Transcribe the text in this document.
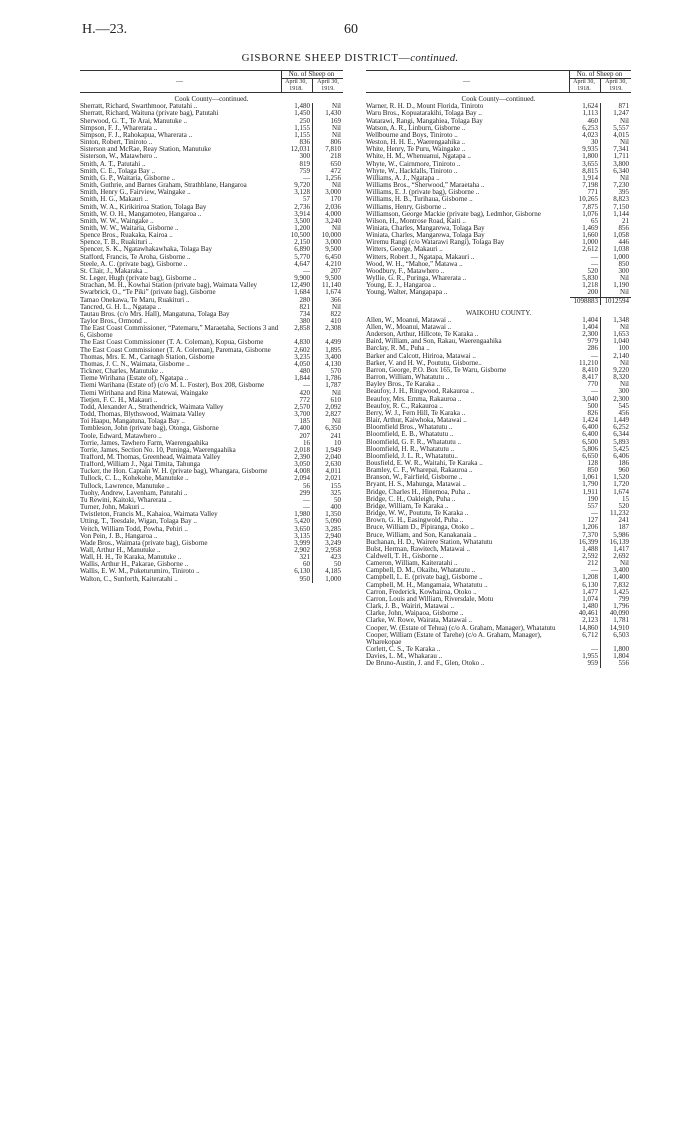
H.—23.	60
GISBORNE SHEEP DISTRICT—continued.
—	No. of Sheep on	
	April 30, 1918.	April 30, 1919.
Cook County—continued.		
Sherratt, Richard, Swarthmoor, Patutahi ..	1,480	Nil
Sherratt, Richard, Waituna (private bag), Patutahi	1,450	1,430
Sherwood, G. T., Te Arai, Manutuke ..	250	169
Simpson, F. J., Wharerata ..	1,155	Nil
Simpson, F. J., Rahokapua, Wharerata ..	1,155	Nil
Sinton, Robert, Tiniroto ..	836	806
Sisterson and McRae, Reay Station, Manutuke	12,031	7,810
Sisterson, W., Matawhero ..	300	218
Smith, A. T., Patutahi ..	819	650
Smith, C. E., Tolaga Bay ..	759	472
Smith, G. P., Waitaria, Gisborne ..	—	1,256
Smith, Guthrie, and Barnes Graham, Strathblane, Hangaroa	9,720	Nil
Smith, Henry G., Fairview, Waingake ..	3,128	3,000
Smith, H. G., Makauri ..	57	170
Smith, W. A., Kirikiriroa Station, Tolaga Bay	2,736	2,036
Smith, W. O. H., Mangamoteo, Hangaroa ..	3,914	4,000
Smith, W. W., Waingake ..	3,500	3,240
Smith, W. W., Waitaria, Gisborne ..	1,200	Nil
Spence Bros., Ruakaka, Kairoa ..	10,500	10,000
Spence, T. B., Ruakituri ..	2,150	3,000
Spencer, S. K., Ngatawhakawhaka, Tolaga Bay	6,890	9,500
Stafford, Francis, Te Aroha, Gisborne ..	5,770	6,450
Steele, A. C. (private bag), Gisborne ..	4,647	4,210
St. Clair, J., Makaraka ..	—	207
St. Leger, Hugh (private bag), Gisborne ..	9,900	9,500
Strachan, M. H., Kowhai Station (private bag), Waimata Valley	12,490	11,140
Swarbrick, O., “Te Piki” (private bag), Gisborne	1,684	1,674
Tamao Onekawa, Te Maru, Ruakituri ..	280	366
Tancred, G. H. L., Ngatapa ..	821	Nil
Tautau Bros. (c/o Mrs. Hall), Mangatuna, Tolaga Bay	734	822
Taylor Bros., Ormond ..	380	410
The East Coast Commissioner, “Patemaru,” Maraetaha, Sections 3 and 6, Gisborne	2,858	2,308
The East Coast Commissioner (T. A. Coleman), Kopua, Gisborne	4,830	4,499
The East Coast Commissioner (T. A. Coleman), Paremata, Gisborne	2,602	1,895
Thomas, Mrs. E. M., Carnagh Station, Gisborne	3,235	3,400
Thomas, J. C. N., Waimata, Gisborne ..	4,050	4,130
Tickner, Charles, Manutuke ..	480	570
Tieme Wirihana (Estate of), Ngatapa ..	1,844	1,786
Tiemi Warihana (Estate of) (c/o M. L. Foster), Box 208, Gisborne	—	1,787
Tiemi Wirihana and Rina Matewai, Waingake	420	Nil
Tietjen, F. C. H., Makauri ..	772	610
Todd, Alexander A., Strathendrick, Waimata Valley	2,570	2,092
Todd, Thomas, Blythswood, Waimata Valley	3,700	2,827
Toi Haapu, Mangatuna, Tolaga Bay ..	185	Nil
Tombleson, John (private bag), Otonga, Gisborne	7,400	6,350
Toole, Edward, Matawhero ..	207	241
Torrie, James, Tawhero Farm, Waerengaahika	16	10
Torrie, James, Section No. 10, Puninga, Waerengaahika	2,018	1,949
Trafford, M. Thomas, Greenhead, Waimata Valley	2,390	2,040
Trafford, William J., Ngai Timita, Tahunga	3,050	2,630
Tucker, the Hon. Captain W. H. (private bag), Whangara, Gisborne	4,008	4,011
Tullock, C. L., Kohekohe, Manutuke ..	2,094	2,021
Tullock, Lawrence, Manutuke ..	56	155
Tuohy, Andrew, Lavenham, Patutahi ..	299	325
Tu Rewini, Kaitoki, Wharerata ..	—	50
Turner, John, Makuri ..	—	400
Twistleton, Francis M., Kahaioa, Waimata Valley	1,980	1,350
Utting, T., Teesdale, Wigan, Tolaga Bay ..	5,420	5,090
Veitch, William Todd, Powha, Pehiri ..	3,650	3,285
Von Pein, J. B., Hangaroa ..	3,135	2,940
Wade Bros., Waimata (private bag), Gisborne	3,999	3,249
Wall, Arthur H., Manutuke ..	2,902	2,958
Wall, H. H., Te Karaka, Manutuke ..	321	423
Wallis, Arthur H., Pakarae, Gisborne ..	60	50
Wallis, E. W. M., Puketurumiro, Tiniroto ..	6,130	4,185
Walton, C., Sunforth, Kaiteratahi ..	950	1,000
—	No. of Sheep on	
	April 30, 1918.	April 30, 1919.
Cook County—continued.		
Warner, R. H. D., Mount Florida, Tiniroto	1,624	871
Waru Bros., Kopuatarakihi, Tolaga Bay ..	1,113	1,247
Watarawi, Rangi, Mangahiea, Tolaga Bay	460	Nil
Watson, A. R., Linburn, Gisborne ..	6,253	5,557
Wellbourne and Boys, Tiniroto ..	4,023	4,015
Weston, H. H. E., Waerengaahika ..	30	Nil
White, Henry, Te Puru, Waingake ..	9,935	7,341
White, H. M., Whenuanui, Ngatapa ..	1,800	1,711
Whyte, W., Cairnmore, Tiniroto ..	3,655	3,800
Whyte, W., Hackfalls, Tiniroto ..	8,815	6,340
Williams, A. J., Ngatapa ..	1,914	Nil
Williams Bros., “Sherwood,” Maraetaha ..	7,198	7,230
Williams, E. J. (private bag), Gisborne ..	771	395
Williams, H. B., Turihaua, Gisborne ..	10,265	8,823
Williams, Henry, Gisborne ..	7,875	7,150
Williamson, George Mackie (private bag), Ledmhor, Gisborne	1,076	1,144
Wilson, H., Montrose Road, Kaiti ..	65	21
Winiata, Charles, Mangarewa, Tolaga Bay	1,469	856
Winiata, Charles, Mangarewa, Tolaga Bay	1,660	1,058
Wiremu Rangi (c/o Watarawi Rangi), Tolaga Bay	1,000	446
Witters, George, Makauri ..	2,612	1,038
Witters, Robert J., Ngatapa, Makauri ..	—	1,000
Wood, W. H., “Mahoe,” Matawa ..	—	850
Woodbury, F., Matawhero ..	520	300
Wyllie, G. R., Puringa, Wharerata ..	5,830	Nil
Young, E. J., Hangaroa ..	1,218	1,190
Young, Walter, Mangapapa ..	200	Nil
	1098883	1012594
WAIKOHU COUNTY.		
Allen, W., Moanui, Matawai ..	1,404	1,348
Allen, W., Moanui, Matawai ..	1,404	Nil
Anderson, Arthur, Hillcote, Te Karaka ..	2,300	1,653
Baird, William, and Son, Rakau, Waerengaahika	979	1,040
Barclay, R. M., Puha ..	286	100
Barker and Calcott, Hiriroa, Matawai ..	—	2,140
Barker, V. and H. W., Poututu, Gisborne..	11,210	Nil
Barron, George, P.O. Box 165, Te Waru, Gisborne	8,410	9,220
Barron, William, Whatatutu ..	8,417	8,320
Bayley Bros., Te Karaka ..	770	Nil
Beaufoy, J. H., Ringwood, Rakauroa ..	—	300
Beaufoy, Mrs. Emma, Rakauroa ..	3,040	2,300
Beaufoy, R. C., Rakauroa ..	500	545
Berry, W. J., Fern Hill, Te Karaka ..	826	456
Blair, Arthur, Kaiwhoka, Matawai ..	1,424	1,449
Bloomfield Bros., Whatatutu ..	6,400	6,252
Bloomfield, E. B., Whatatutu ..	6,400	6,344
Bloomfield, G. F. R., Whatatutu ..	6,500	5,893
Bloomfield, H. R., Whatatutu ..	5,806	5,425
Bloomfield, J. L. R., Whatatutu..	6,650	6,406
Bousfield, E. W. R., Waitahi, Te Karaka ..	128	186
Bramley, C. F., Wharepai, Rakauroa ..	850	960
Branson, W., Fairfield, Gisborne ..	1,061	1,520
Bryant, H. S., Mahunga, Matawai ..	1,790	1,720
Bridge, Charles H., Hinemoa, Puha ..	1,911	1,674
Bridge, C. H., Oakleigh, Puha ..	190	15
Bridge, William, Te Karaka ..	557	520
Bridge, W. W., Poututu, Te Karaka ..	—	11,232
Brown, G. H., Easingwold, Puha ..	127	241
Bruce, William D., Pipiranga, Otoko ..	1,206	187
Bruce, William, and Son, Kanakanaia ..	7,370	5,986
Buchanan, H. D., Wairere Station, Whatatutu	16,399	16,139
Bulst, Herman, Rawitech, Matawai ..	1,488	1,417
Caldwell, T. H., Gisborne ..	2,592	2,692
Cameron, William, Kaiteratahi ..	212	Nil
Campbell, D. M., Okaihu, Whatatutu ..	—	3,400
Campbell, L. E. (private bag), Gisborne ..	1,208	1,400
Campbell, M. H., Mangamaia, Whatatutu ..	6,130	7,832
Carron, Frederick, Kowhairoa, Otoko ..	1,477	1,425
Carron, Louis and William, Riversdale, Motu	1,074	799
Clark, J. B., Wairiri, Matawai ..	1,480	1,796
Clarke, John, Waipaoa, Gisborne ..	40,461	40,090
Clarke, W. Rowe, Wairata, Matawai ..	2,123	1,781
Cooper, W. (Estate of Tehua) (c/o A. Graham, Manager), Whatatutu	14,860	14,910
Cooper, William (Estate of Tarehe) (c/o A. Graham, Manager), Wharekopae	6,712	6,503
Corlett, C. S., Te Karaka ..	—	1,800
Davies, L. M., Whakarau ..	1,955	1,804
De Bruno-Austin, J. and F., Glen, Otoko ..	959	556
